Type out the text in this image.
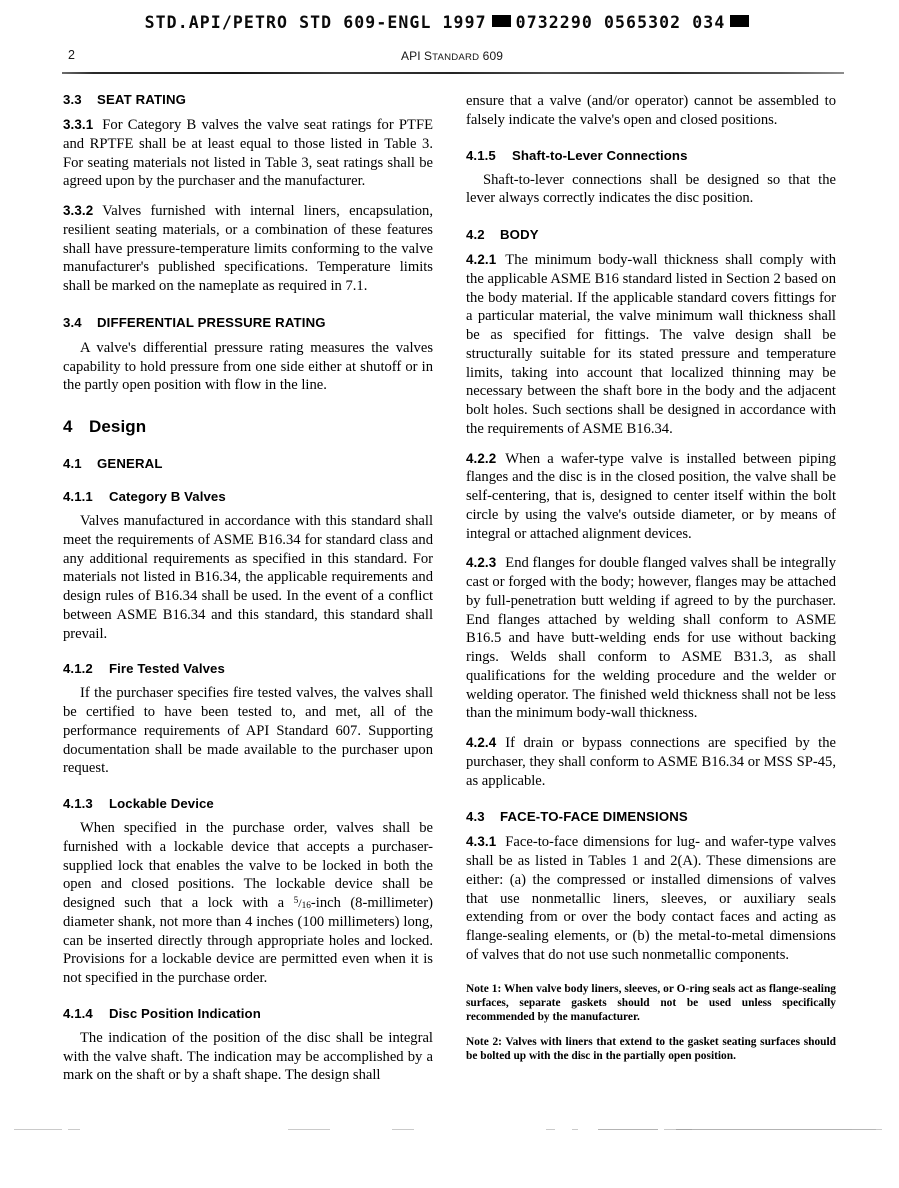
STD.API/PETRO STD 609-ENGL 1997 0732290 0565302 034
2	API STANDARD 609
3.3 SEAT RATING

3.3.1 For Category B valves the valve seat ratings for PTFE and RPTFE shall be at least equal to those listed in Table 3. For seating materials not listed in Table 3, seat ratings shall be agreed upon by the purchaser and the manufacturer.

3.3.2 Valves furnished with internal liners, encapsulation, resilient seating materials, or a combination of these features shall have pressure-temperature limits conforming to the valve manufacturer's published specifications. Temperature limits shall be marked on the nameplate as required in 7.1.

3.4 DIFFERENTIAL PRESSURE RATING

A valve's differential pressure rating measures the valves capability to hold pressure from one side either at shutoff or in the partly open position with flow in the line.

4 Design
4.1 GENERAL
4.1.1 Category B Valves

Valves manufactured in accordance with this standard shall meet the requirements of ASME B16.34 for standard class and any additional requirements as specified in this standard. For materials not listed in B16.34, the applicable requirements and design rules of B16.34 shall be used. In the event of a conflict between ASME B16.34 and this standard, this standard shall prevail.

4.1.2 Fire Tested Valves

If the purchaser specifies fire tested valves, the valves shall be certified to have been tested to, and met, all of the performance requirements of API Standard 607. Supporting documentation shall be made available to the purchaser upon request.

4.1.3 Lockable Device

When specified in the purchase order, valves shall be furnished with a lockable device that accepts a purchaser-supplied lock that enables the valve to be locked in both the open and closed positions. The lockable device shall be designed such that a lock with a $^5/_{16}$-inch (8-millimeter) diameter shank, not more than 4 inches (100 millimeters) long, can be inserted directly through appropriate holes and locked. Provisions for a lockable device are permitted even when it is not specified in the purchase order.

4.1.4 Disc Position Indication

The indication of the position of the disc shall be integral with the valve shaft. The indication may be accomplished by a mark on the shaft or by a shaft shape. The design shall

ensure that a valve (and/or operator) cannot be assembled to falsely indicate the valve's open and closed positions.

4.1.5 Shaft-to-Lever Connections

Shaft-to-lever connections shall be designed so that the lever always correctly indicates the disc position.

4.2 BODY

4.2.1 The minimum body-wall thickness shall comply with the applicable ASME B16 standard listed in Section 2 based on the body material. If the applicable standard covers fittings for a particular material, the valve minimum wall thickness shall be as specified for fittings. The valve design shall be structurally suitable for its stated pressure and temperature limits, taking into account that localized thinning may be necessary between the shaft bore in the body and the adjacent bolt holes. Such sections shall be designed in accordance with the requirements of ASME B16.34.

4.2.2 When a wafer-type valve is installed between piping flanges and the disc is in the closed position, the valve shall be self-centering, that is, designed to center itself within the bolt circle by using the valve's outside diameter, or by means of integral or attached alignment devices.

4.2.3 End flanges for double flanged valves shall be integrally cast or forged with the body; however, flanges may be attached by full-penetration butt welding if agreed to by the purchaser. End flanges attached by welding shall conform to ASME B16.5 and have butt-welding ends for use without backing rings. Welds shall conform to ASME B31.3, as shall qualifications for the welding procedure and the welder or welding operator. The finished weld thickness shall not be less than the minimum body-wall thickness.

4.2.4 If drain or bypass connections are specified by the purchaser, they shall conform to ASME B16.34 or MSS SP-45, as applicable.

4.3 FACE-TO-FACE DIMENSIONS

4.3.1 Face-to-face dimensions for lug- and wafer-type valves shall be as listed in Tables 1 and 2(A). These dimensions are either: (a) the compressed or installed dimensions of valves that use nonmetallic liners, sleeves, or auxiliary seals extending from or over the body contact faces and acting as flange-sealing elements, or (b) the metal-to-metal dimensions of valves that do not use such nonmetallic components.

Note 1: When valve body liners, sleeves, or O-ring seals act as flange-sealing surfaces, separate gaskets should not be used unless specifically recommended by the manufacturer.

Note 2: Valves with liners that extend to the gasket seating surfaces should be bolted up with the disc in the partially open position.
